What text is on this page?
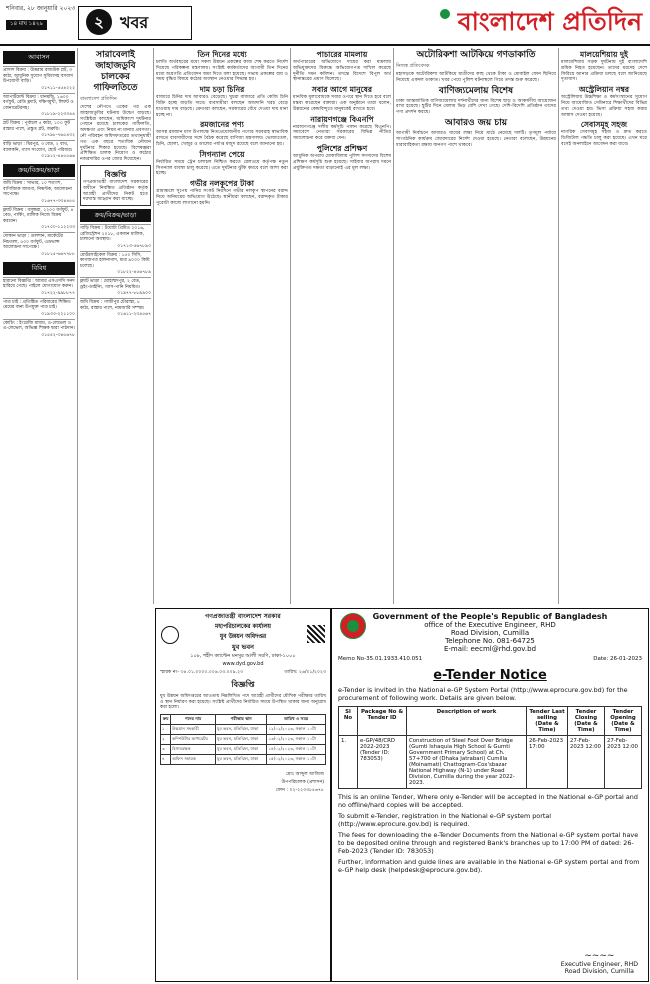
শনিবার, ২৮ জানুয়ারি ২০২৩
১৪ মাঘ ১৪২৯	২	খবর	বাংলাদেশ প্রতিদিন
আবাসন
প্রাসাদ বিক্রয় : উত্তরায় রাজউক প্লট, ৩ কাঠা, আধুনিক সুযোগ সুবিধাসহ বসবাস উপযোগী বাড়ি।
০১৭১১-৫৫৪২২২
অ্যাপার্টমেন্ট বিক্রয় : ধানমন্ডি, ১৬০০ বর্গফুট, রেডি ফ্ল্যাট, দক্ষিণমুখী, লিফট ও জেনারেটরসহ।
০১৮১৯-২২৩৩৪৪
প্লট বিক্রয় : পূর্বাচল ৫ কাঠা, ১০০ ফুট রাস্তার পাশে, প্রস্তুত প্লট, জরুরি।
০১৭৯৮-৭৬৫৪৩২
বাড়ি ভাড়া : মিরপুর, ৩ বেড, ২ বাথ, ব্যালকনি, গ্যাস সংযোগ, ছোট পরিবার।
০১৯১২-৪৪৫৫৬৬
ক্রয়/বিক্রয়/ভাড়া
জমি বিক্রয় : সাভার, ১০ শতাংশ, বাণিজ্যিক জায়গা, নিষ্কণ্টক, আলোচনা সাপেক্ষে।
০১৬৭৭-৩৩৪৪৫৫
ফ্ল্যাট বিক্রয় : বসুন্ধরা, ২২০০ বর্গফুট, ৪ বেড, পার্কিং, মালিক নিজে বিক্রয় করবেন।
০১৭০০-১১২২৩৩
দোকান ভাড়া : গুলশান, মার্কেটের নিচতলা, ৫০০ বর্গফুট, এডভান্স আলোচনা সাপেক্ষে।
০১৮১৫-৬৬৭৭৮৮
বিবিধ
হারানো বিজ্ঞপ্তি : আমার এসএসসি সনদ হারিয়ে গেছে। পাইলে যোগাযোগ করুন।
০১৭২২-৯৯৮৮৭৭
পাত্র চাই : প্রতিষ্ঠিত পরিবারের শিক্ষিত মেয়ের জন্য উপযুক্ত পাত্র চাই।
০১৯৩৩-২২১১০০
কোচিং : ইংরেজি মাধ্যম, ও-লেভেল ও এ-লেভেল, অভিজ্ঞ শিক্ষক দ্বারা পাঠদান।
০১৫৫২-৩৪৫৬৭৮
সারাবেলাই জাহাজডুবি চালকের গাফিলতিতে
বাংলাদেশ প্রতিদিন
দেশের নৌপথে একের পর এক জাহাজডুবির ঘটনায় উদ্বেগ বাড়ছে। সংশ্লিষ্টরা বলছেন, অধিকাংশ দুর্ঘটনার পেছনে রয়েছে চালকের গাফিলতি, অদক্ষতা এবং নিয়ম না মানার প্রবণতা। নৌ পরিবহন অধিদফতরের তথ্যানুযায়ী গত এক বছরে শতাধিক নৌযান দুর্ঘটনার শিকার হয়েছে। বিশেষজ্ঞরা প্রশিক্ষিত চালক নিয়োগ ও কঠোর নজরদারির ওপর জোর দিয়েছেন।
বিজ্ঞপ্তি
গণপ্রজাতন্ত্রী বাংলাদেশ সরকারের অধীনে নিবন্ধিত প্রতিষ্ঠান কর্তৃক আগ্রহী প্রার্থীদের নিকট হতে দরখাস্ত আহ্বান করা যাচ্ছে।
ক্রয়/বিক্রয়/ভাড়া
গাড়ি বিক্রয় : টয়োটা প্রিমিও ২০১৬, রেজিস্ট্রেশন ২০১৮, একজন মালিক, চালানো অবস্থায়।
০১৭১৩-৫৬৭৮৯০
মোটরসাইকেল বিক্রয় : ১৫০ সিসি, কাগজপত্র হালনাগাদ, মাত্র ৯০০০ কিমি চলেছে।
০১৮২২-৪৫৬৭৮৯
ফ্ল্যাট ভাড়া : মোহাম্মদপুর, ২ বেড, ড্রইং-ডাইনিং, গ্যাস-পানি নিয়মিত।
০১৯৭৭-৮৮৯৯০০
জমি বিক্রয় : গাজীপুর চৌরাস্তা, ৮ কাঠা, রাস্তার পাশে, নামজারি সম্পন্ন।
০১৬১১-২৩৪৫৬৭
তিন দিনের মধ্যে
চলতি অর্থবছরের মধ্যে সকল উন্নয়ন প্রকল্পের কাজ শেষ করতে নির্দেশ দিয়েছে পরিকল্পনা মন্ত্রণালয়। সংশ্লিষ্ট কর্মকর্তাদের আগামী তিন দিনের মধ্যে অগ্রগতি প্রতিবেদন জমা দিতে বলা হয়েছে। সভায় প্রকল্পের ব্যয় ও সময় বৃদ্ধির বিষয়ে কঠোর অবস্থান নেওয়ার সিদ্ধান্ত হয়।
দাম চড়া চিনির
বাজারে চিনির দাম আবারও বেড়েছে। খুচরা বাজারে প্রতি কেজি চিনি বিক্রি হচ্ছে বাড়তি দামে। ব্যবসায়ীরা বলছেন আমদানি খরচ বেড়ে যাওয়ায় দাম বাড়ছে। ক্রেতারা বলছেন, সরকারের বেঁধে দেওয়া দাম মানা হচ্ছে না।
রমজানের পণ্য
আসন্ন রমজান মাস উপলক্ষে নিত্যপ্রয়োজনীয় পণ্যের সরবরাহ স্বাভাবিক রাখতে ব্যবসায়ীদের সঙ্গে বৈঠক করেছে বাণিজ্য মন্ত্রণালয়। ভোজ্যতেল, চিনি, ছোলা, খেজুর ও ডালের পর্যাপ্ত মজুদ রয়েছে বলে জানানো হয়।
সিগন্যাল পেয়ে
নির্ধারিত সময়ে ট্রেন চলাচল নিশ্চিত করতে রেলওয়ে কর্তৃপক্ষ নতুন সিগন্যাল ব্যবস্থা চালু করেছে। এতে দুর্ঘটনার ঝুঁকি কমবে বলে আশা করা হচ্ছে।
গভীর নলকূপের টাকা
গ্রামাঞ্চলে সুপেয় পানির সংকট নিরসনে গভীর নলকূপ স্থাপনের বরাদ্দ নিয়ে অনিয়মের অভিযোগ উঠেছে। স্থানীয়রা বলছেন, বরাদ্দকৃত টাকার পুরোটা কাজে লাগানো হয়নি।
পাচারের মামলায়
অর্থপাচারের অভিযোগে দায়ের করা মামলায় অভিযুক্তদের বিরুদ্ধে অভিযোগপত্র দাখিল করেছে দুর্নীতি দমন কমিশন। তদন্তে বিদেশে বিপুল অর্থ স্থানান্তরের প্রমাণ মিলেছে।
সবার আগে মানুষের
মানবিক মূল্যবোধকে সবার ওপরে স্থান দিতে হবে বলে মন্তব্য করেছেন বক্তারা। এক অনুষ্ঠানে তারা বলেন, উন্নয়নের কেন্দ্রবিন্দুতে মানুষকেই রাখতে হবে।
নারায়ণগঞ্জে বিএনপি
নারায়ণগঞ্জে দলীয় কর্মসূচি পালন করেছে বিএনপি। সমাবেশে নেতারা সরকারের বিভিন্ন নীতির সমালোচনা করে বক্তব্য দেন।
পুলিশের প্রশিক্ষণ
আধুনিক অপরাধ মোকাবিলায় পুলিশ সদস্যদের বিশেষ প্রশিক্ষণ কর্মসূচি শুরু হয়েছে। সাইবার অপরাধ দমনে প্রযুক্তিগত দক্ষতা বাড়ানোই এর মূল লক্ষ্য।
অটোরিকশা আটকিয়ে গণডাকাতি
নিজস্ব প্রতিবেদক
মহাসড়কে অটোরিকশা আটকিয়ে যাত্রীদের কাছ থেকে টাকা ও মোবাইল ফোন ছিনিয়ে নিয়েছে একদল ডাকাত। খবর পেয়ে পুলিশ ঘটনাস্থলে গিয়ে তদন্ত শুরু করেছে।
বাণিজ্যমেলায় বিশেষ
ঢাকা আন্তর্জাতিক বাণিজ্যমেলায় দর্শনার্থীদের জন্য বিশেষ ছাড় ও আকর্ষণীয় আয়োজন রাখা হয়েছে। ছুটির দিনে মেলায় ভিড় বেশি দেখা গেছে। দেশি-বিদেশি প্রতিষ্ঠান তাদের পণ্য প্রদর্শন করছে।
আবারও জয় চায়
আগামী নির্বাচনে আবারও জয়ের লক্ষ্য নিয়ে মাঠে নেমেছে দলটি। তৃণমূল পর্যায়ে সাংগঠনিক কার্যক্রম জোরদারের নির্দেশ দেওয়া হয়েছে। নেতারা বলেছেন, উন্নয়নের ধারাবাহিকতা রক্ষায় জনগণ পাশে থাকবে।
মালয়েশিয়ায় দুই
মালয়েশিয়ায় সড়ক দুর্ঘটনায় দুই বাংলাদেশি শ্রমিক নিহত হয়েছেন। তাদের মরদেহ দেশে ফিরিয়ে আনার প্রক্রিয়া চলছে বলে জানিয়েছে দূতাবাস।
অস্ট্রেলিয়ান নম্বর
অস্ট্রেলিয়ায় উচ্চশিক্ষা ও কর্মসংস্থানের সুযোগ নিয়ে আয়োজিত সেমিনারে শিক্ষার্থীদের বিভিন্ন তথ্য দেওয়া হয়। ভিসা প্রক্রিয়া সহজ করার আশ্বাস দেওয়া হয়েছে।
সেবাসমূহ সহজ
নাগরিক সেবাসমূহ সহজ ও দ্রুত করতে ডিজিটাল পদ্ধতি চালু করা হয়েছে। এখন ঘরে বসেই অনলাইনে আবেদন করা যাবে।
গণপ্রজাতন্ত্রী বাংলাদেশ সরকার
মহাপরিচালকের কার্যালয়
যুব উন্নয়ন অধিদপ্তর
যুব ভবন
১০৮, শহীদ ক্যাপ্টেন মনসুর আলী সরণি, ঢাকা-১০০০
www.dyd.gov.bd
স্মারক নং- ৩৪.০১.০০০০.০০৬.০৩.০০৯.২৩	তারিখ: ২৬/০১/২০২৩
বিজ্ঞপ্তি
যুব উন্নয়ন অধিদপ্তরের আওতায় নিম্নলিখিত পদে আগ্রহী প্রার্থীদের মৌখিক পরীক্ষার তারিখ ও স্থান নির্ধারণ করা হয়েছে। সংশ্লিষ্ট প্রার্থীদের নির্ধারিত সময়ে উপস্থিত থাকার জন্য অনুরোধ করা হলো।
ক্রম	পদের নাম	পরীক্ষার স্থান	তারিখ ও সময়
১	উচ্চমান সহকারী	যুব ভবন, মতিঝিল, ঢাকা	১২/০২/২০২৩, সকাল ১০টা
২	কম্পিউটার অপারেটর	যুব ভবন, মতিঝিল, ঢাকা	১৩/০২/২০২৩, সকাল ১০টা
৩	হিসাবরক্ষক	যুব ভবন, মতিঝিল, ঢাকা	১৪/০২/২০২৩, সকাল ১০টা
৪	অফিস সহায়ক	যুব ভবন, মতিঝিল, ঢাকা	১৫/০২/২০২৩, সকাল ১০টা
মোঃ আব্দুল আজিজ
উপপরিচালক (প্রশাসন)
ফোন : ০২-২২৩৩৮৫৬৭৮
Government of the People's Republic of Bangladesh
office of the Executive Engineer, RHD
Road Division, Cumilla
Telephone No. 081-64725
E-mail: eecml@rhd.gov.bd
Memo No-35.01.1933.410.051	Date: 26-01-2023
e-Tender Notice
e-Tender is invited in the National e-GP System Portal (http://www.eprocure.gov.bd) for the procurement of following work. Details are given below.
Sl No	Package No & Tender ID	Description of work	Tender Last selling (Date & Time)	Tender Closing (Date & Time)	Tender Opening (Date & Time)
1.	e-GP/48/CRD 2022-2023 (Tender ID: 783053)	Construction of Steel Foot Over Bridge (Gumti Ishaquia High School & Gumti Government Primary School) at Ch. 57+700 of (Dhaka Jatrabari) Cumilla (Moinamati) Chattogram-Cox'sbazar National Highway (N-1) under Road Division, Cumilla during the year 2022-2023.	26-Feb-2023 17:00	27-Feb-2023 12:00	27-Feb-2023 12:00
This is an online Tender, Where only e-Tender will be accepted in the National e-GP portal and no offline/hard copies will be accepted.
To submit e-Tender, registration in the National e-GP system portal (http://www.eprocure.gov.bd) is required.
The fees for downloading the e-Tender Documents from the National e-GP system portal have to be deposited online through and registered Bank's branches up to 17:00 PM of dated: 26-Feb-2023 (Tender ID: 783053)
Further, information and guide lines are available in the National e-GP system portal and from e-GP help desk (helpdesk@eprocure.gov.bd).
~~~~
Executive Engineer, RHD
Road Division, Cumilla
